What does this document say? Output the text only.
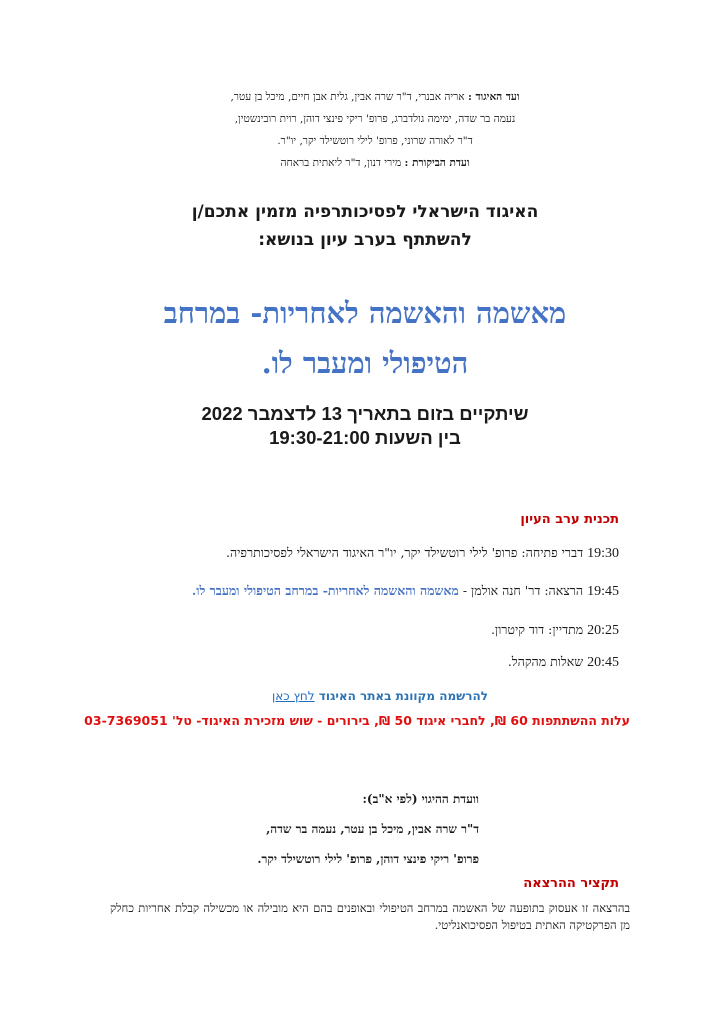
ועד האיגוד : אריה אבנרי, ד"ר שרה אבין, גלית אבן חיים, מיכל בן עטר,
נעמה בר שדה, ימימה גולדברג, פרופ' ריקי פינצי דוהן, רוית רובינשטין,
ד"ר לאורה שרוני, פרופ' לילי רוטשילד יקר, יו"ר.
ועדת הביקורת : מירי דנון, ד"ר ליאתית בראחה
האיגוד הישראלי לפסיכותרפיה מזמין אתכם/ן
להשתתף בערב עיון בנושא:
מאשמה והאשמה לאחריות- במרחב
הטיפולי ומעבר לו.
שיתקיים בזום בתאריך 13 לדצמבר 2022
בין השעות 19:30-21:00
תכנית ערב העיון
19:30 דברי פתיחה: פרופ' לילי רוטשילד יקר, יו"ר האיגוד הישראלי לפסיכותרפיה.
19:45 הרצאה: דר' חנה אולמן - מאשמה והאשמה לאחריות- במרחב הטיפולי ומעבר לו.
20:25 מתדיין: דוד קיטרון.
20:45 שאלות מהקהל.
להרשמה מקוונת באתר האיגוד לחץ כאן
עלות ההשתתפות 60 ₪, לחברי איגוד 50 ₪, בירורים - שוש מזכירת האיגוד- טל' 03-7369051
וועדת ההיגוי (לפי א"ב):
ד"ר שרה אבין, מיכל בן עטר, נעמה בר שדה,
פרופ' ריקי פינצי דוהן, פרופ' לילי רוטשילד יקר.
תקציר ההרצאה
בהרצאה זו אעסוק בתופעה של האשמה במרחב הטיפולי ובאופנים בהם היא מובילה או מכשילה קבלת אחריות כחלק מן הפרקטיקה האתית בטיפול הפסיכואנליטי.
